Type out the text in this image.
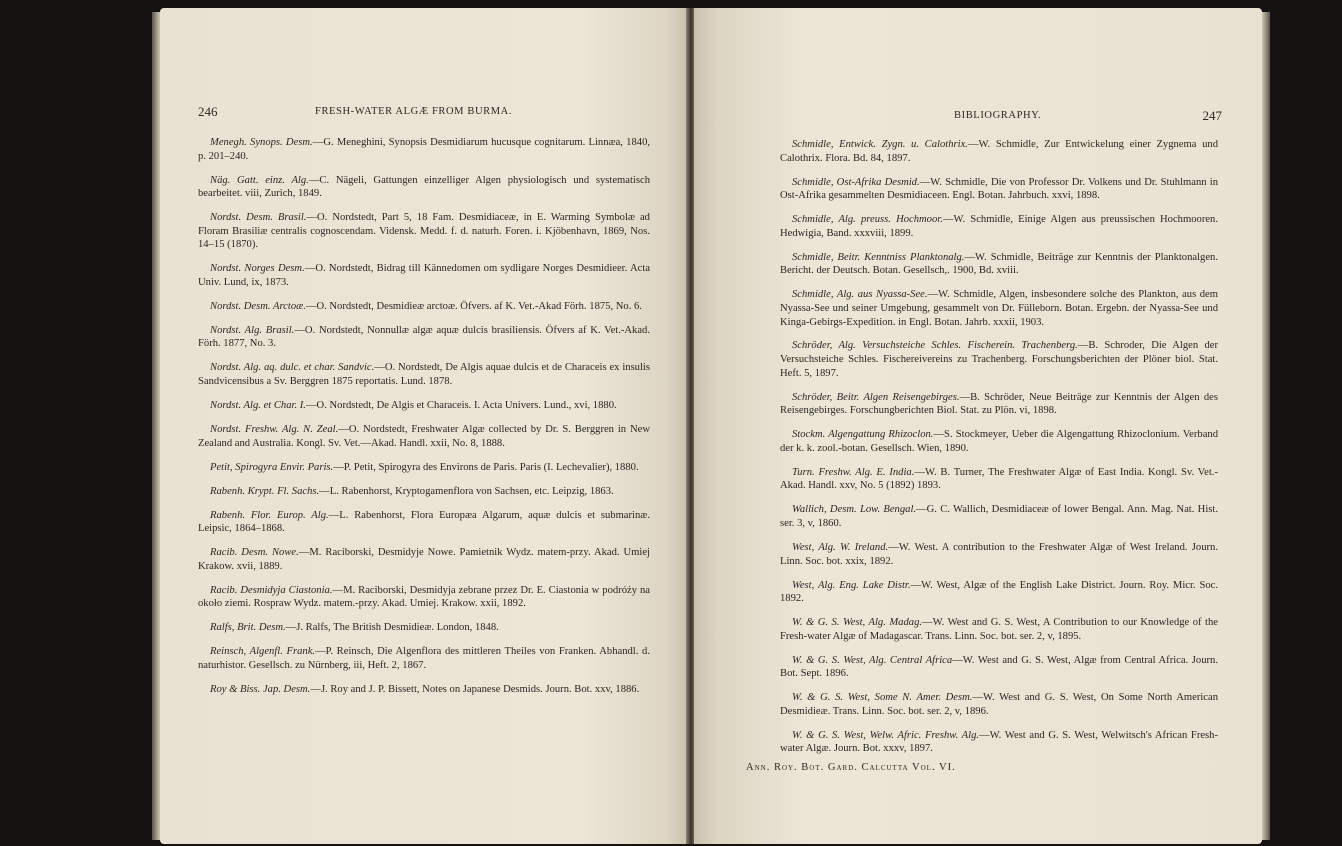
246	FRESH-WATER ALGÆ FROM BURMA.

Menegh. Synops. Desm.—G. Meneghini, Synopsis Desmidiarum hucusque cognitarum. Linnæa, 1840, p. 201–240.

Näg. Gatt. einz. Alg.—C. Nägeli, Gattungen einzelliger Algen physiologisch und systematisch bearbeitet. viii, Zurich, 1849.

Nordst. Desm. Brasil.—O. Nordstedt, Part 5, 18 Fam. Desmidiaceæ, in E. Warming Symbolæ ad Floram Brasiliæ centralis cognoscendam. Vidensk. Medd. f. d. naturh. Foren. i. Kjöbenhavn, 1869, Nos. 14–15 (1870).

Nordst. Norges Desm.—O. Nordstedt, Bidrag till Kännedomen om sydligare Norges Desmidieer. Acta Univ. Lund, ix, 1873.

Nordst. Desm. Arctoæ.—O. Nordstedt, Desmidieæ arctoæ. Öfvers. af K. Vet.-Akad Förh. 1875, No. 6.

Nordst. Alg. Brasil.—O. Nordstedt, Nonnullæ algæ aquæ dulcis brasiliensis. Öfvers af K. Vet.-Akad. Förh. 1877, No. 3.

Nordst. Alg. aq. dulc. et char. Sandvic.—O. Nordstedt, De Algis aquae dulcis et de Characeis ex insulis Sandvicensibus a Sv. Berggren 1875 reportatis. Lund. 1878.

Nordst. Alg. et Char. I.—O. Nordstedt, De Algis et Characeis. I. Acta Univers. Lund., xvi, 1880.

Nordst. Freshw. Alg. N. Zeal.—O. Nordstedt, Freshwater Algæ collected by Dr. S. Berggren in New Zealand and Australia. Kongl. Sv. Vet.—Akad. Handl. xxii, No. 8, 1888.

Petit, Spirogyra Envir. Paris.—P. Petit, Spirogyra des Environs de Paris. Paris (I. Lechevalier), 1880.

Rabenh. Krypt. Fl. Sachs.—L. Rabenhorst, Kryptogamenflora von Sachsen, etc. Leipzig, 1863.

Rabenh. Flor. Europ. Alg.—L. Rabenhorst, Flora Europæa Algarum, aquæ dulcis et submarinæ. Leipsic, 1864–1868.

Racib. Desm. Nowe.—M. Raciborski, Desmidyje Nowe. Pamietnik Wydz. matem-przy. Akad. Umiej Krakow. xvii, 1889.

Racib. Desmidyja Ciastonia.—M. Raciborski, Desmidyja zebrane przez Dr. E. Ciastonia w podróży na około ziemi. Rospraw Wydz. matem.-przy. Akad. Umiej. Krakow. xxii, 1892.

Ralfs, Brit. Desm.—J. Ralfs, The British Desmidieæ. London, 1848.

Reinsch, Algenfl. Frank.—P. Reinsch, Die Algenflora des mittleren Theiles von Franken. Abhandl. d. naturhistor. Gesellsch. zu Nürnberg, iii, Heft. 2, 1867.

Roy & Biss. Jap. Desm.—J. Roy and J. P. Bissett, Notes on Japanese Desmids. Journ. Bot. xxv, 1886.

BIBLIOGRAPHY.	247

Schmidle, Entwick. Zygn. u. Calothrix.—W. Schmidle, Zur Entwickelung einer Zygnema und Calothrix. Flora. Bd. 84, 1897.

Schmidle, Ost-Afrika Desmid.—W. Schmidle, Die von Professor Dr. Volkens und Dr. Stuhlmann in Ost-Afrika gesammelten Desmidiaceen. Engl. Botan. Jahrbuch. xxvi, 1898.

Schmidle, Alg. preuss. Hochmoor.—W. Schmidle, Einige Algen aus preussischen Hochmooren. Hedwigia, Band. xxxviii, 1899.

Schmidle, Beitr. Kenntniss Planktonalg.—W. Schmidle, Beiträge zur Kenntnis der Planktonalgen. Bericht. der Deutsch. Botan. Gesellsch,. 1900, Bd. xviii.

Schmidle, Alg. aus Nyassa-See.—W. Schmidle, Algen, insbesondere solche des Plankton, aus dem Nyassa-See und seiner Umgebung, gesammelt von Dr. Fülleborn. Botan. Ergebn. der Nyassa-See und Kinga-Gebirgs-Expedition. in Engl. Botan. Jahrb. xxxii, 1903.

Schröder, Alg. Versuchsteiche Schles. Fischerein. Trachenberg.—B. Schroder, Die Algen der Versuchsteiche Schles. Fischereivereins zu Trachenberg. Forschungsberichten der Plöner biol. Stat. Heft. 5, 1897.

Schröder, Beitr. Algen Reisengebirges.—B. Schröder, Neue Beiträge zur Kenntnis der Algen des Reisengebirges. Forschungberichten Biol. Stat. zu Plön. vi, 1898.

Stockm. Algengattung Rhizoclon.—S. Stockmeyer, Ueber die Algengattung Rhizoclonium. Verband der k. k. zool.-botan. Gesellsch. Wien, 1890.

Turn. Freshw. Alg. E. India.—W. B. Turner, The Freshwater Algæ of East India. Kongl. Sv. Vet.-Akad. Handl. xxv, No. 5 (1892) 1893.

Wallich, Desm. Low. Bengal.—G. C. Wallich, Desmidiaceæ of lower Bengal. Ann. Mag. Nat. Hist. ser. 3, v, 1860.

West, Alg. W. Ireland.—W. West. A contribution to the Freshwater Algæ of West Ireland. Journ. Linn. Soc. bot. xxix, 1892.

West, Alg. Eng. Lake Distr.—W. West, Algæ of the English Lake District. Journ. Roy. Micr. Soc. 1892.

W. & G. S. West, Alg. Madag.—W. West and G. S. West, A Contribution to our Knowledge of the Fresh-water Algæ of Madagascar. Trans. Linn. Soc. bot. ser. 2, v, 1895.

W. & G. S. West, Alg. Central Africa—W. West and G. S. West, Algæ from Central Africa. Journ. Bot. Sept. 1896.

W. & G. S. West, Some N. Amer. Desm.—W. West and G. S. West, On Some North American Desmidieæ. Trans. Linn. Soc. bot. ser. 2, v, 1896.

W. & G. S. West, Welw. Afric. Freshw. Alg.—W. West and G. S. West, Welwitsch's African Fresh-water Algæ. Journ. Bot. xxxv, 1897.

Ann. Roy. Bot. Gard. Calcutta Vol. VI.
